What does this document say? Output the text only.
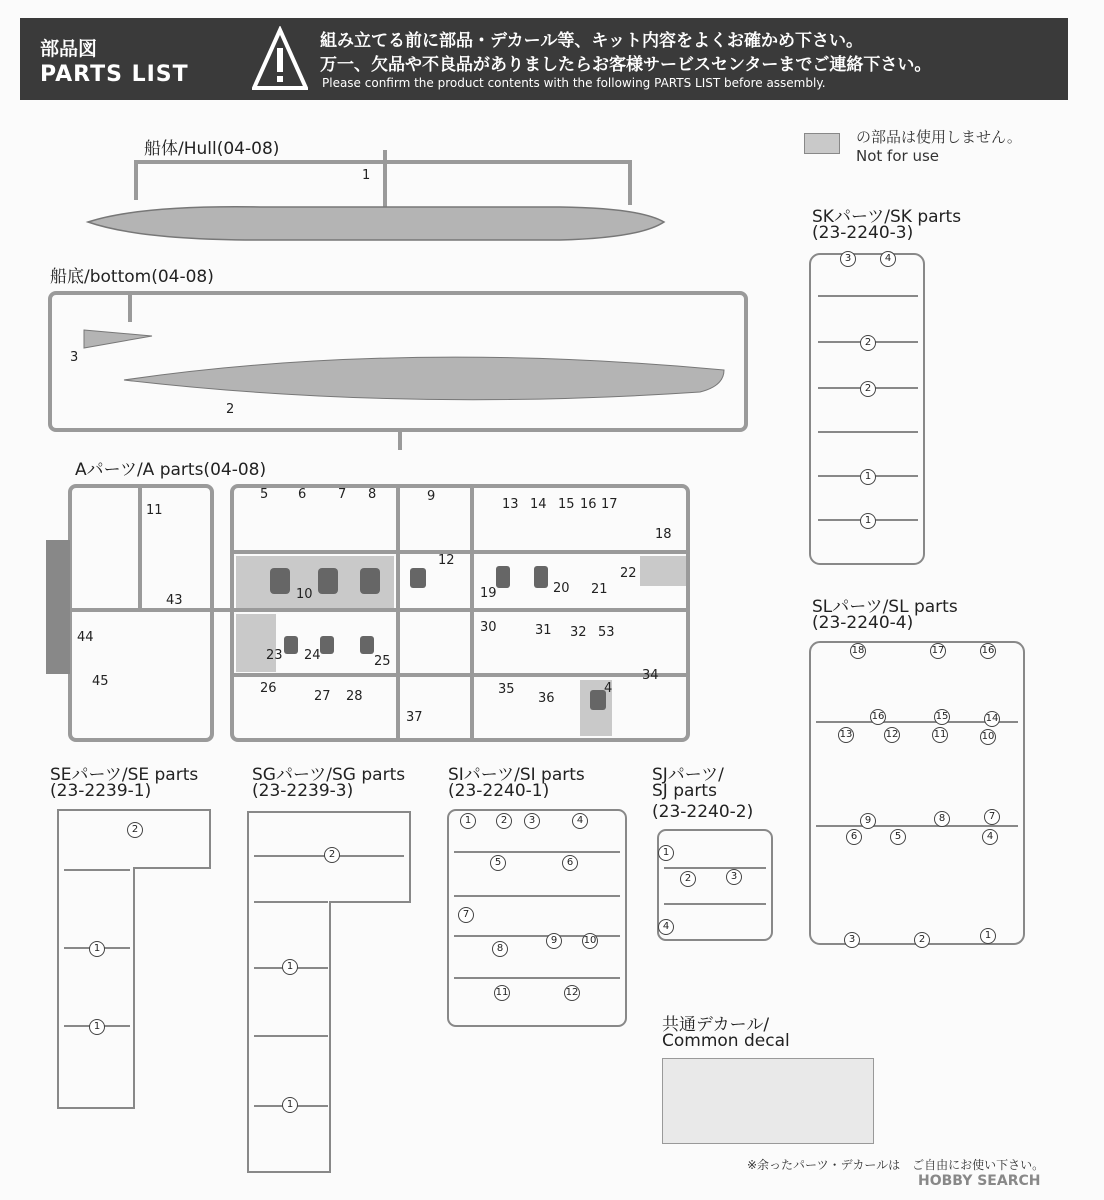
部品図
PARTS LIST
組み立てる前に部品・デカール等、キット内容をよくお確かめ下さい。
万一、欠品や不良品がありましたらお客様サービスセンターまでご連絡下さい。
Please confirm the product contents with the following PARTS LIST before assembly.
の部品は使用しません。
Not for use
船体/Hull(04-08)
船底/bottom(04-08)
Aパーツ/A parts(04-08)
SKパーツ/SK parts
(23-2240-3)
SLパーツ/SL parts
(23-2240-4)
SEパーツ/SE parts
(23-2239-1)
SGパーツ/SG parts
(23-2239-3)
SIパーツ/SI parts
(23-2240-1)
SJパーツ/
SJ parts
(23-2240-2)
共通デカール/
Common decal
1
3
2
11
43
44
45
5 6 7 8	9
13 14 15 16 17
18
10
12
19	20 21
22
23 24	25
30	31 32 53
26
27 28
37
35
36
4
34
3	4
2
2
1
1
18	17	16
16	15	14
13	12	11	10
9	8	7
6	5	4
3	2	1
2
1
1
2
1
1
1	2	3	4
5	6
7
8
9	10
11	12
1
2	3
4
※余ったパーツ・デカールは　ご自由にお使い下さい。
HOBBY SEARCH
